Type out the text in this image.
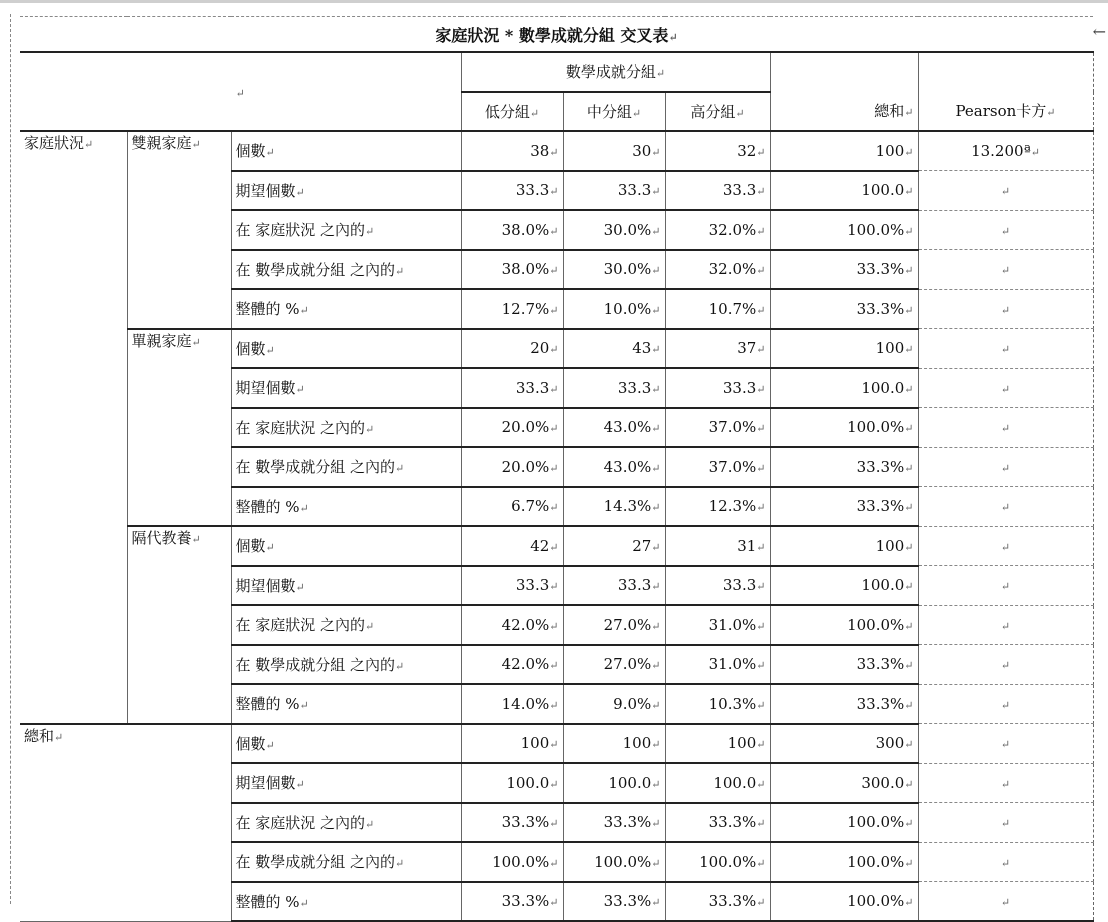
←
家庭狀況 * 數學成就分組 交叉表 ↵
↵	數學成就分組 ↵			總和 ↵	Pearson卡方 ↵
			低分組 ↵	中分組 ↵	高分組 ↵
家庭狀況 ↵	雙親家庭 ↵	個數 ↵	38 ↵	30 ↵	32 ↵	100 ↵	13.200ª ↵
		期望個數 ↵	33.3 ↵	33.3 ↵	33.3 ↵	100.0 ↵	↵
		在 家庭狀況 之內的 ↵	38.0% ↵	30.0% ↵	32.0% ↵	100.0% ↵	↵
		在 數學成就分組 之內的 ↵	38.0% ↵	30.0% ↵	32.0% ↵	33.3% ↵	↵
		整體的 % ↵	12.7% ↵	10.0% ↵	10.7% ↵	33.3% ↵	↵
	單親家庭 ↵	個數 ↵	20 ↵	43 ↵	37 ↵	100 ↵	↵
		期望個數 ↵	33.3 ↵	33.3 ↵	33.3 ↵	100.0 ↵	↵
		在 家庭狀況 之內的 ↵	20.0% ↵	43.0% ↵	37.0% ↵	100.0% ↵	↵
		在 數學成就分組 之內的 ↵	20.0% ↵	43.0% ↵	37.0% ↵	33.3% ↵	↵
		整體的 % ↵	6.7% ↵	14.3% ↵	12.3% ↵	33.3% ↵	↵
	隔代教養 ↵	個數 ↵	42 ↵	27 ↵	31 ↵	100 ↵	↵
		期望個數 ↵	33.3 ↵	33.3 ↵	33.3 ↵	100.0 ↵	↵
		在 家庭狀況 之內的 ↵	42.0% ↵	27.0% ↵	31.0% ↵	100.0% ↵	↵
		在 數學成就分組 之內的 ↵	42.0% ↵	27.0% ↵	31.0% ↵	33.3% ↵	↵
		整體的 % ↵	14.0% ↵	9.0% ↵	10.3% ↵	33.3% ↵	↵
總和 ↵		個數 ↵	100 ↵	100 ↵	100 ↵	300 ↵	↵
		期望個數 ↵	100.0 ↵	100.0 ↵	100.0 ↵	300.0 ↵	↵
		在 家庭狀況 之內的 ↵	33.3% ↵	33.3% ↵	33.3% ↵	100.0% ↵	↵
		在 數學成就分組 之內的 ↵	100.0% ↵	100.0% ↵	100.0% ↵	100.0% ↵	↵
		整體的 % ↵	33.3% ↵	33.3% ↵	33.3% ↵	100.0% ↵	↵
